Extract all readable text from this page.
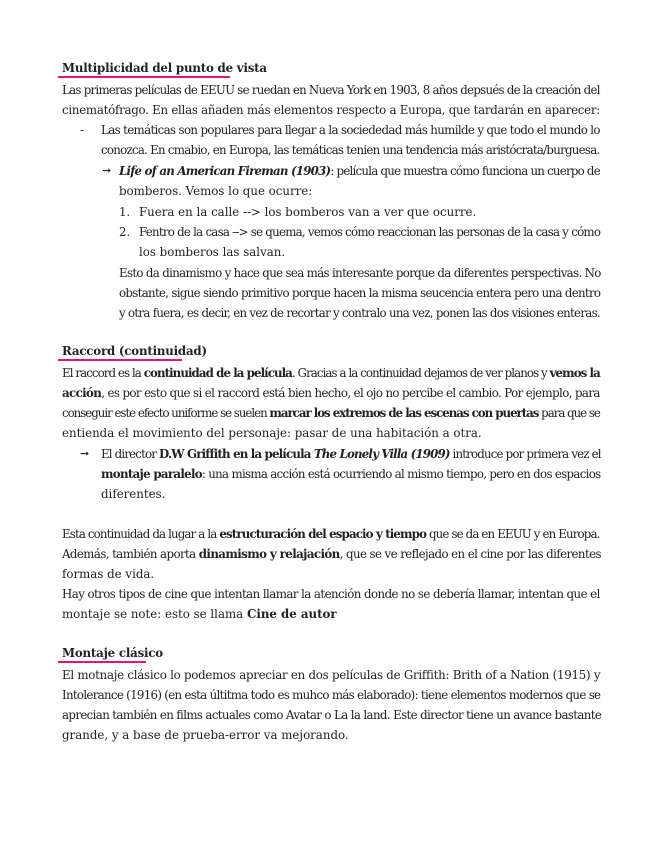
Multiplicidad del punto de vista
Las primeras películas de EEUU se ruedan en Nueva York en 1903, 8 años depsués de la creación del
cinematófrago. En ellas añaden más elementos respecto a Europa, que tardarán en aparecer:
- Las temáticas son populares para llegar a la sociededad más humilde y que todo el mundo lo
conozca. En cmabio, en Europa, las temáticas tenien una tendencia más aristócrata/burguesa.
➞ Life of an American Fireman (1903): película que muestra cómo funciona un cuerpo de
bomberos. Vemos lo que ocurre:
1. Fuera en la calle --> los bomberos van a ver que ocurre.
2. Fentro de la casa --> se quema, vemos cómo reaccionan las personas de la casa y cómo
los bomberos las salvan.
Esto da dinamismo y hace que sea más interesante porque da diferentes perspectivas. No
obstante, sigue siendo primitivo porque hacen la misma seucencia entera pero una dentro
y otra fuera, es decir, en vez de recortar y contralo una vez, ponen las dos visiones enteras.
Raccord (continuidad)
El raccord es la continuidad de la película. Gracias a la continuidad dejamos de ver planos y vemos la
acción, es por esto que si el raccord está bien hecho, el ojo no percibe el cambio. Por ejemplo, para
conseguir este efecto uniforme se suelen marcar los extremos de las escenas con puertas para que se
entienda el movimiento del personaje: pasar de una habitación a otra.
➞ El director D.W Griffith en la película The Lonely Villa (1909) introduce por primera vez el
montaje paralelo: una misma acción está ocurriendo al mismo tiempo, pero en dos espacios
diferentes.
Esta continuidad da lugar a la estructuración del espacio y tiempo que se da en EEUU y en Europa.
Además, también aporta dinamismo y relajación, que se ve reflejado en el cine por las diferentes
formas de vida.
Hay otros tipos de cine que intentan llamar la atención donde no se debería llamar, intentan que el
montaje se note: esto se llama Cine de autor
Montaje clásico
El motnaje clásico lo podemos apreciar en dos películas de Griffith: Brith of a Nation (1915) y
Intolerance (1916) (en esta últitma todo es muhco más elaborado): tiene elementos modernos que se
aprecian también en films actuales como Avatar o La la land. Este director tiene un avance bastante
grande, y a base de prueba-error va mejorando.
